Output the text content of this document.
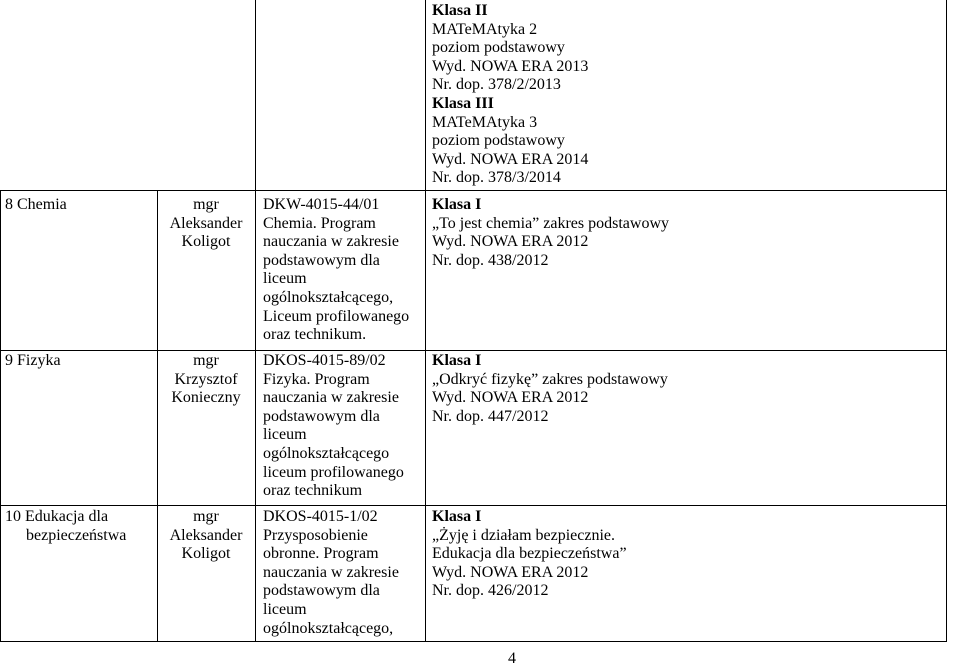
Klasa II
MATeMAtyka 2
poziom podstawowy
Wyd. NOWA ERA 2013
Nr. dop. 378/2/2013
Klasa III
MATeMAtyka 3
poziom podstawowy
Wyd. NOWA ERA 2014
Nr. dop. 378/3/2014
8 Chemia	mgr
Aleksander
Koligot
DKW-4015-44/01
Chemia. Program
nauczania w zakresie
podstawowym dla
liceum
ogólnokształcącego,
Liceum profilowanego
oraz technikum.
Klasa I
„To jest chemia” zakres podstawowy
Wyd. NOWA ERA 2012
Nr. dop. 438/2012
9 Fizyka	mgr
Krzysztof
Konieczny
DKOS-4015-89/02
Fizyka. Program
nauczania w zakresie
podstawowym dla
liceum
ogólnokształcącego
liceum profilowanego
oraz technikum
Klasa I
„Odkryć fizykę” zakres podstawowy
Wyd. NOWA ERA 2012
Nr. dop. 447/2012
10 Edukacja dla
bezpieczeństwa
mgr
Aleksander
Koligot
DKOS-4015-1/02
Przysposobienie
obronne. Program
nauczania w zakresie
podstawowym dla
liceum
ogólnokształcącego,
Klasa I
„Żyję i działam bezpiecznie.
Edukacja dla bezpieczeństwa”
Wyd. NOWA ERA 2012
Nr. dop. 426/2012
4
